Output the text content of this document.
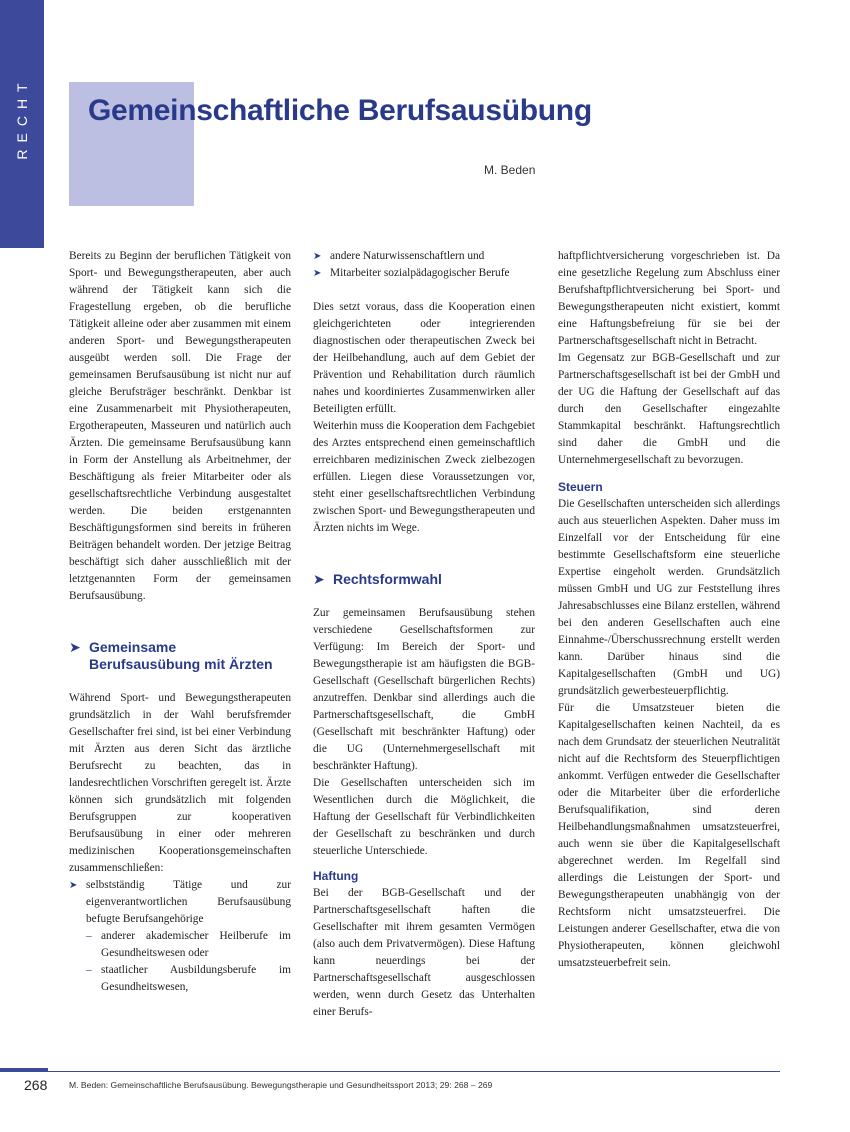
RECHT Gemeinschaftliche Berufsausübung
M. Beden

Bereits zu Beginn der beruflichen Tätigkeit von Sport- und Bewegungstherapeuten, aber auch während der Tätigkeit kann sich die Fragestellung ergeben, ob die berufliche Tätigkeit alleine oder aber zusammen mit einem anderen Sport- und Bewegungstherapeuten ausgeübt werden soll. Die Frage der gemeinsamen Berufsausübung ist nicht nur auf gleiche Berufsträger beschränkt. Denkbar ist eine Zusammenarbeit mit Physiotherapeuten, Ergotherapeuten, Masseuren und natürlich auch Ärzten. Die gemeinsame Berufsausübung kann in Form der Anstellung als Arbeitnehmer, der Beschäftigung als freier Mitarbeiter oder als gesellschaftsrechtliche Verbindung ausgestaltet werden. Die beiden erstgenannten Beschäftigungsformen sind bereits in früheren Beiträgen behandelt worden. Der jetzige Beitrag beschäftigt sich daher ausschließlich mit der letztgenannten Form der gemeinsamen Berufsausübung.

➤ Gemeinsame
Berufsausübung mit Ärzten

Während Sport- und Bewegungstherapeuten grundsätzlich in der Wahl berufsfremder Gesellschafter frei sind, ist bei einer Verbindung mit Ärzten aus deren Sicht das ärztliche Berufsrecht zu beachten, das in landesrechtlichen Vorschriften geregelt ist. Ärzte können sich grundsätzlich mit folgenden Berufsgruppen zur kooperativen Berufsausübung in einer oder mehreren medizinischen Kooperationsgemeinschaften zusammenschließen:

➤ selbstständig Tätige und zur eigenverantwortlichen Berufsausübung befugte Berufsangehörige
– anderer akademischer Heilberufe im Gesundheitswesen oder
– staatlicher Ausbildungsberufe im Gesundheitswesen,
➤ andere Naturwissenschaftlern und
➤ Mitarbeiter sozialpädagogischer Berufe

Dies setzt voraus, dass die Kooperation einen gleichgerichteten oder integrierenden diagnostischen oder therapeutischen Zweck bei der Heilbehandlung, auch auf dem Gebiet der Prävention und Rehabilitation durch räumlich nahes und koordiniertes Zusammenwirken aller Beteiligten erfüllt.

Weiterhin muss die Kooperation dem Fachgebiet des Arztes entsprechend einen gemeinschaftlich erreichbaren medizinischen Zweck zielbezogen erfüllen. Liegen diese Voraussetzungen vor, steht einer gesellschaftsrechtlichen Verbindung zwischen Sport- und Bewegungstherapeuten und Ärzten nichts im Wege.

➤ Rechtsformwahl

Zur gemeinsamen Berufsausübung stehen verschiedene Gesellschaftsformen zur Verfügung: Im Bereich der Sport- und Bewegungstherapie ist am häufigsten die BGB-Gesellschaft (Gesellschaft bürgerlichen Rechts) anzutreffen. Denkbar sind allerdings auch die Partnerschaftsgesellschaft, die GmbH (Gesellschaft mit beschränkter Haftung) oder die UG (Unternehmergesellschaft mit beschränkter Haftung).

Die Gesellschaften unterscheiden sich im Wesentlichen durch die Möglichkeit, die Haftung der Gesellschaft für Verbindlichkeiten der Gesellschaft zu beschränken und durch steuerliche Unterschiede.

Haftung

Bei der BGB-Gesellschaft und der Partnerschaftsgesellschaft haften die Gesellschafter mit ihrem gesamten Vermögen (also auch dem Privatvermögen). Diese Haftung kann neuerdings bei der Partnerschaftsgesellschaft ausgeschlossen werden, wenn durch Gesetz das Unterhalten einer Berufs-

haftpflichtversicherung vorgeschrieben ist. Da eine gesetzliche Regelung zum Abschluss einer Berufshaftpflichtversicherung bei Sport- und Bewegungstherapeuten nicht existiert, kommt eine Haftungsbefreiung für sie bei der Partnerschaftsgesellschaft nicht in Betracht.

Im Gegensatz zur BGB-Gesellschaft und zur Partnerschaftsgesellschaft ist bei der GmbH und der UG die Haftung der Gesellschaft auf das durch den Gesellschafter eingezahlte Stammkapital beschränkt. Haftungsrechtlich sind daher die GmbH und die Unternehmergesellschaft zu bevorzugen.

Steuern

Die Gesellschaften unterscheiden sich allerdings auch aus steuerlichen Aspekten. Daher muss im Einzelfall vor der Entscheidung für eine bestimmte Gesellschaftsform eine steuerliche Expertise eingeholt werden. Grundsätzlich müssen GmbH und UG zur Feststellung ihres Jahresabschlusses eine Bilanz erstellen, während bei den anderen Gesellschaften auch eine Einnahme-/Überschussrechnung erstellt werden kann. Darüber hinaus sind die Kapitalgesellschaften (GmbH und UG) grundsätzlich gewerbesteuerpflichtig.

Für die Umsatzsteuer bieten die Kapitalgesellschaften keinen Nachteil, da es nach dem Grundsatz der steuerlichen Neutralität nicht auf die Rechtsform des Steuerpflichtigen ankommt. Verfügen entweder die Gesellschafter oder die Mitarbeiter über die erforderliche Berufsqualifikation, sind deren Heilbehandlungsmaßnahmen umsatzsteuerfrei, auch wenn sie über die Kapitalgesellschaft abgerechnet werden. Im Regelfall sind allerdings die Leistungen der Sport- und Bewegungstherapeuten unabhängig von der Rechtsform nicht umsatzsteuerfrei. Die Leistungen anderer Gesellschafter, etwa die von Physiotherapeuten, können gleichwohl umsatzsteuerbefreit sein.

268	M. Beden: Gemeinschaftliche Berufsausübung. Bewegungstherapie und Gesundheitssport 2013; 29: 268 – 269
